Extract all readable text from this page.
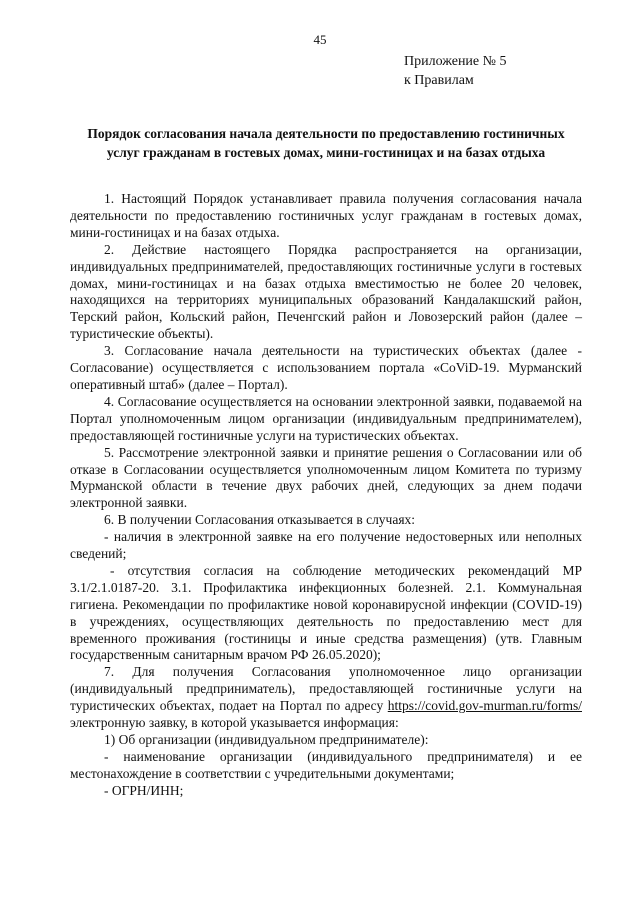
45
Приложение № 5
к Правилам
Порядок согласования начала деятельности по предоставлению гостиничных услуг гражданам в гостевых домах, мини-гостиницах и на базах отдыха

1. Настоящий Порядок устанавливает правила получения согласования начала деятельности по предоставлению гостиничных услуг гражданам в гостевых домах, мини-гостиницах и на базах отдыха.

2. Действие настоящего Порядка распространяется на организации, индивидуальных предпринимателей, предоставляющих гостиничные услуги в гостевых домах, мини-гостиницах и на базах отдыха вместимостью не более 20 человек, находящихся на территориях муниципальных образований Кандалакшский район, Терский район, Кольский район, Печенгский район и Ловозерский район (далее – туристические объекты).

3. Согласование начала деятельности на туристических объектах (далее - Согласование) осуществляется с использованием портала «CoViD-19. Мурманский оперативный штаб» (далее – Портал).

4. Согласование осуществляется на основании электронной заявки, подаваемой на Портал уполномоченным лицом организации (индивидуальным предпринимателем), предоставляющей гостиничные услуги на туристических объектах.

5. Рассмотрение электронной заявки и принятие решения о Согласовании или об отказе в Согласовании осуществляется уполномоченным лицом Комитета по туризму Мурманской области в течение двух рабочих дней, следующих за днем подачи электронной заявки.

6. В получении Согласования отказывается в случаях:

- наличия в электронной заявке на его получение недостоверных или неполных сведений;

- отсутствия согласия на соблюдение методических рекомендаций МР 3.1/2.1.0187-20. 3.1. Профилактика инфекционных болезней. 2.1. Коммунальная гигиена. Рекомендации по профилактике новой коронавирусной инфекции (COVID-19) в учреждениях, осуществляющих деятельность по предоставлению мест для временного проживания (гостиницы и иные средства размещения) (утв. Главным государственным санитарным врачом РФ 26.05.2020);

7. Для получения Согласования уполномоченное лицо организации (индивидуальный предприниматель), предоставляющей гостиничные услуги на туристических объектах, подает на Портал по адресу https://covid.gov-murman.ru/forms/ электронную заявку, в которой указывается информация:

1) Об организации (индивидуальном предпринимателе):

- наименование организации (индивидуального предпринимателя) и ее местонахождение в соответствии с учредительными документами;

- ОГРН/ИНН;
